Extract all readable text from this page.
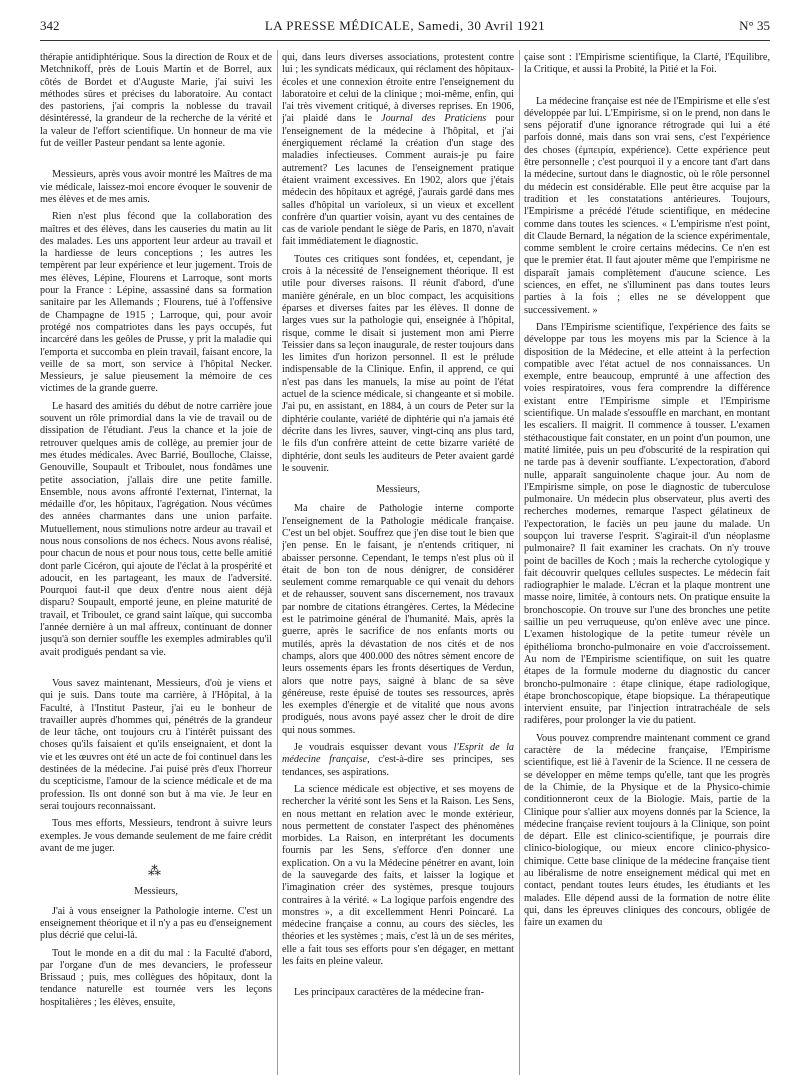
342	LA PRESSE MÉDICALE, Samedi, 30 Avril 1921	N° 35

thérapie antidiphtérique. Sous la direction de Roux et de Metchnikoff, près de Louis Martin et de Borrel, aux côtés de Bordet et d'Auguste Marie, j'ai suivi les méthodes sûres et précises du laboratoire. Au contact des pastoriens, j'ai compris la noblesse du travail désintéressé, la grandeur de la recherche de la vérité et la valeur de l'effort scientifique. Un honneur de ma vie fut de veiller Pasteur pendant sa lente agonie.

Messieurs, après vous avoir montré les Maîtres de ma vie médicale, laissez-moi encore évoquer le souvenir de mes élèves et de mes amis.

Rien n'est plus fécond que la collaboration des maîtres et des élèves, dans les causeries du matin au lit des malades. Les uns apportent leur ardeur au travail et la hardiesse de leurs conceptions ; les autres les tempèrent par leur expérience et leur jugement. Trois de mes élèves, Lépine, Flourens et Larroque, sont morts pour la France : Lépine, assassiné dans sa formation sanitaire par les Allemands ; Flourens, tué à l'offensive de Champagne de 1915 ; Larroque, qui, pour avoir protégé nos compatriotes dans les pays occupés, fut incarcéré dans les geôles de Prusse, y prit la maladie qui l'emporta et succomba en plein travail, faisant encore, la veille de sa mort, son service à l'hôpital Necker. Messieurs, je salue pieusement la mémoire de ces victimes de la grande guerre.

Le hasard des amitiés du début de notre carrière joue souvent un rôle primordial dans la vie de travail ou de dissipation de l'étudiant. J'eus la chance et la joie de retrouver quelques amis de collège, au premier jour de mes études médicales. Avec Barrié, Boulloche, Claisse, Genouville, Soupault et Triboulet, nous fondâmes une petite association, j'allais dire une petite famille. Ensemble, nous avons affronté l'externat, l'internat, la médaille d'or, les hôpitaux, l'agrégation. Nous vécûmes des années charmantes dans une union parfaite. Mutuellement, nous stimulions notre ardeur au travail et nous nous consolions de nos échecs. Nous avons réalisé, pour chacun de nous et pour nous tous, cette belle amitié dont parle Cicéron, qui ajoute de l'éclat à la prospérité et adoucit, en les partageant, les maux de l'adversité. Pourquoi faut-il que deux d'entre nous aient déjà disparu? Soupault, emporté jeune, en pleine maturité de travail, et Triboulet, ce grand saint laïque, qui succomba l'année dernière à un mal affreux, continuant de donner jusqu'à son dernier souffle les exemples admirables qu'il avait prodigués pendant sa vie.

Vous savez maintenant, Messieurs, d'où je viens et qui je suis. Dans toute ma carrière, à l'Hôpital, à la Faculté, à l'Institut Pasteur, j'ai eu le bonheur de travailler auprès d'hommes qui, pénétrés de la grandeur de leur tâche, ont toujours cru à l'intérêt puissant des choses qu'ils faisaient et qu'ils enseignaient, et dont la vie et les œuvres ont été un acte de foi continuel dans les destinées de la médecine. J'ai puisé près d'eux l'horreur du scepticisme, l'amour de la science médicale et de ma profession. Ils ont donné son but à ma vie. Je leur en serai toujours reconnaissant.

Tous mes efforts, Messieurs, tendront à suivre leurs exemples. Je vous demande seulement de me faire crédit avant de me juger.

⁂

Messieurs,

J'ai à vous enseigner la Pathologie interne. C'est un enseignement théorique et il n'y a pas eu d'enseignement plus décrié que celui-là.

Tout le monde en a dit du mal : la Faculté d'abord, par l'organe d'un de mes devanciers, le professeur Brissaud ; puis, mes collègues des hôpitaux, dont la tendance naturelle est tournée vers les leçons hospitalières ; les élèves, ensuite,

qui, dans leurs diverses associations, protestent contre lui ; les syndicats médicaux, qui réclament des hôpitaux-écoles et une connexion étroite entre l'enseignement du laboratoire et celui de la clinique ; moi-même, enfin, qui l'ai très vivement critiqué, à diverses reprises. En 1906, j'ai plaidé dans le Journal des Praticiens pour l'enseignement de la médecine à l'hôpital, et j'ai énergiquement réclamé la création d'un stage des maladies infectieuses. Comment aurais-je pu faire autrement? Les lacunes de l'enseignement pratique étaient vraiment excessives. En 1902, alors que j'étais médecin des hôpitaux et agrégé, j'aurais gardé dans mes salles d'hôpital un varioleux, si un vieux et excellent confrère d'un quartier voisin, ayant vu des centaines de cas de variole pendant le siège de Paris, en 1870, n'avait fait immédiatement le diagnostic.

Toutes ces critiques sont fondées, et, cependant, je crois à la nécessité de l'enseignement théorique. Il est utile pour diverses raisons. Il réunit d'abord, d'une manière générale, en un bloc compact, les acquisitions éparses et diverses faites par les élèves. Il donne de larges vues sur la pathologie qui, enseignée à l'hôpital, risque, comme le disait si justement mon ami Pierre Teissier dans sa leçon inaugurale, de rester toujours dans les limites d'un horizon personnel. Il est le prélude indispensable de la Clinique. Enfin, il apprend, ce qui n'est pas dans les manuels, la mise au point de l'état actuel de la science médicale, si changeante et si mobile. J'ai pu, en assistant, en 1884, à un cours de Peter sur la diphtérie coulante, variété de diphtérie qui n'a jamais été décrite dans les livres, sauver, vingt-cinq ans plus tard, le fils d'un confrère atteint de cette bizarre variété de diphtérie, dont seuls les auditeurs de Peter avaient gardé le souvenir.

Messieurs,

Ma chaire de Pathologie interne comporte l'enseignement de la Pathologie médicale française. C'est un bel objet. Souffrez que j'en dise tout le bien que j'en pense. En le faisant, je n'entends critiquer, ni abaisser personne. Cependant, le temps n'est plus où il était de bon ton de nous dénigrer, de considérer seulement comme remarquable ce qui venait du dehors et de rehausser, souvent sans discernement, nos travaux par nombre de citations étrangères. Certes, la Médecine est le patrimoine général de l'humanité. Mais, après la guerre, après le sacrifice de nos enfants morts ou mutilés, après la dévastation de nos cités et de nos champs, alors que 400.000 des nôtres sèment encore de leurs ossements épars les fronts désertiques de Verdun, alors que notre pays, saigné à blanc de sa sève généreuse, reste épuisé de toutes ses ressources, après les exemples d'énergie et de vitalité que nous avons prodigués, nous avons payé assez cher le droit de dire qui nous sommes.

Je voudrais esquisser devant vous l'Esprit de la médecine française, c'est-à-dire ses principes, ses tendances, ses aspirations.

La science médicale est objective, et ses moyens de rechercher la vérité sont les Sens et la Raison. Les Sens, en nous mettant en relation avec le monde extérieur, nous permettent de constater l'aspect des phénomènes morbides. La Raison, en interprétant les documents fournis par les Sens, s'efforce d'en donner une explication. On a vu la Médecine pénétrer en avant, loin de la sauvegarde des faits, et laisser la logique et l'imagination créer des systèmes, presque toujours contraires à la vérité. « La logique parfois engendre des monstres », a dit excellemment Henri Poincaré. La médecine française a connu, au cours des siècles, les théories et les systèmes ; mais, c'est là un de ses mérites, elle a fait tous ses efforts pour s'en dégager, en mettant les faits en pleine valeur.

Les principaux caractères de la médecine fran-

çaise sont : l'Empirisme scientifique, la Clarté, l'Équilibre, la Critique, et aussi la Probité, la Pitié et la Foi.

La médecine française est née de l'Empirisme et elle s'est développée par lui. L'Empirisme, si on le prend, non dans le sens péjoratif d'une ignorance rétrograde qui lui a été parfois donné, mais dans son vrai sens, c'est l'expérience des choses (ἐμπειρία, expérience). Cette expérience peut être personnelle ; c'est pourquoi il y a encore tant d'art dans la médecine, surtout dans le diagnostic, où le rôle personnel du médecin est considérable. Elle peut être acquise par la tradition et les constatations antérieures. Toujours, l'Empirisme a précédé l'étude scientifique, en médecine comme dans toutes les sciences. « L'empirisme n'est point, dit Claude Bernard, la négation de la science expérimentale, comme semblent le croire certains médecins. Ce n'en est que le premier état. Il faut ajouter même que l'empirisme ne disparaît jamais complètement d'aucune science. Les sciences, en effet, ne s'illuminent pas dans toutes leurs parties à la fois ; elles ne se développent que successivement. »

Dans l'Empirisme scientifique, l'expérience des faits se développe par tous les moyens mis par la Science à la disposition de la Médecine, et elle atteint à la perfection compatible avec l'état actuel de nos connaissances. Un exemple, entre beaucoup, emprunté à une affection des voies respiratoires, vous fera comprendre la différence existant entre l'Empirisme simple et l'Empirisme scientifique. Un malade s'essouffle en marchant, en montant les escaliers. Il maigrit. Il commence à tousser. L'examen stéthacoustique fait constater, en un point d'un poumon, une matité limitée, puis un peu d'obscurité de la respiration qui ne tarde pas à devenir souffiante. L'expectoration, d'abord nulle, apparaît sanguinolente chaque jour. Au nom de l'Empirisme simple, on pose le diagnostic de tuberculose pulmonaire. Un médecin plus observateur, plus averti des recherches modernes, remarque l'aspect gélatineux de l'expectoration, le faciès un peu jaune du malade. Un soupçon lui traverse l'esprit. S'agirait-il d'un néoplasme pulmonaire? Il fait examiner les crachats. On n'y trouve point de bacilles de Koch ; mais la recherche cytologique y fait découvrir quelques cellules suspectes. Le médecin fait radiographier le malade. L'écran et la plaque montrent une masse noire, limitée, à contours nets. On pratique ensuite la bronchoscopie. On trouve sur l'une des bronches une petite saillie un peu verruqueuse, qu'on enlève avec une pince. L'examen histologique de la petite tumeur révèle un épithélioma broncho-pulmonaire en voie d'accroissement. Au nom de l'Empirisme scientifique, on suit les quatre étapes de la formule moderne du diagnostic du cancer broncho-pulmonaire : étape clinique, étape radiologique, étape bronchoscopique, étape biopsique. La thérapeutique intervient ensuite, par l'injection intratrachéale de sels radifères, pour prolonger la vie du patient.

Vous pouvez comprendre maintenant comment ce grand caractère de la médecine française, l'Empirisme scientifique, est lié à l'avenir de la Science. Il ne cessera de se développer en même temps qu'elle, tant que les progrès de la Chimie, de la Physique et de la Physico-chimie conditionneront ceux de la Biologie. Mais, partie de la Clinique pour s'allier aux moyens donnés par la Science, la médecine française revient toujours à la Clinique, son point de départ. Elle est clinico-scientifique, je pourrais dire clinico-biologique, ou mieux encore clinico-physico-chimique. Cette base clinique de la médecine française tient au libéralisme de notre enseignement médical qui met en contact, pendant toutes leurs études, les étudiants et les malades. Elle dépend aussi de la formation de notre élite qui, dans les épreuves cliniques des concours, obligée de faire un examen du
